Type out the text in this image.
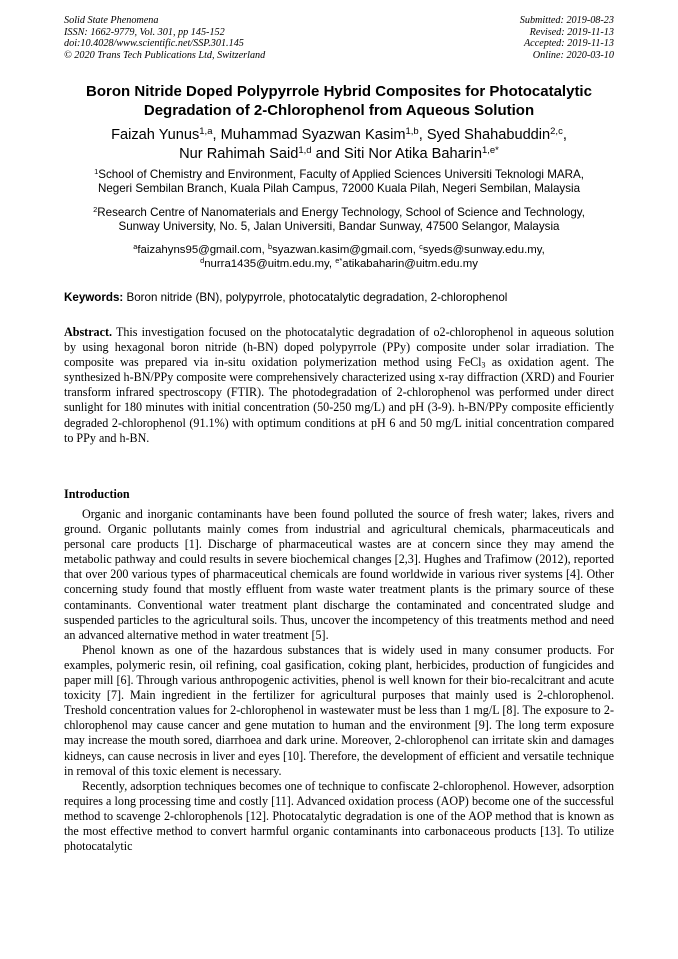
Solid State Phenomena
ISSN: 1662-9779, Vol. 301, pp 145-152
doi:10.4028/www.scientific.net/SSP.301.145
© 2020 Trans Tech Publications Ltd, Switzerland
Submitted: 2019-08-23
Revised: 2019-11-13
Accepted: 2019-11-13
Online: 2020-03-10
Boron Nitride Doped Polypyrrole Hybrid Composites for Photocatalytic
Degradation of 2-Chlorophenol from Aqueous Solution
Faizah Yunus$^{1,a}$, Muhammad Syazwan Kasim$^{1,b}$, Syed Shahabuddin$^{2,c}$,
Nur Rahimah Said$^{1,d}$ and Siti Nor Atika Baharin$^{1,e*}$
$^1$School of Chemistry and Environment, Faculty of Applied Sciences Universiti Teknologi MARA,
Negeri Sembilan Branch, Kuala Pilah Campus, 72000 Kuala Pilah, Negeri Sembilan, Malaysia
$^2$Research Centre of Nanomaterials and Energy Technology, School of Science and Technology,
Sunway University, No. 5, Jalan Universiti, Bandar Sunway, 47500 Selangor, Malaysia
$^a$faizahyns95@gmail.com, $^b$syazwan.kasim@gmail.com, $^c$syeds@sunway.edu.my,
$^d$nurra1435@uitm.edu.my, $^{e*}$atikabaharin@uitm.edu.my
Keywords: Boron nitride (BN), polypyrrole, photocatalytic degradation, 2-chlorophenol
Abstract. This investigation focused on the photocatalytic degradation of o2-chlorophenol in aqueous solution by using hexagonal boron nitride (h-BN) doped polypyrrole (PPy) composite under solar irradiation. The composite was prepared via in-situ oxidation polymerization method using FeCl$_3$ as oxidation agent. The synthesized h-BN/PPy composite were comprehensively characterized using x-ray diffraction (XRD) and Fourier transform infrared spectroscopy (FTIR). The photodegradation of 2-chlorophenol was performed under direct sunlight for 180 minutes with initial concentration (50-250 mg/L) and pH (3-9). h-BN/PPy composite efficiently degraded 2-chlorophenol (91.1%) with optimum conditions at pH 6 and 50 mg/L initial concentration compared to PPy and h-BN.
Introduction

Organic and inorganic contaminants have been found polluted the source of fresh water; lakes, rivers and ground. Organic pollutants mainly comes from industrial and agricultural chemicals, pharmaceuticals and personal care products [1]. Discharge of pharmaceutical wastes are at concern since they may amend the metabolic pathway and could results in severe biochemical changes [2,3]. Hughes and Trafimow (2012), reported that over 200 various types of pharmaceutical chemicals are found worldwide in various river systems [4]. Other concerning study found that mostly effluent from waste water treatment plants is the primary source of these contaminants. Conventional water treatment plant discharge the contaminated and concentrated sludge and suspended particles to the agricultural soils. Thus, uncover the incompetency of this treatments method and need an advanced alternative method in water treatment [5].

Phenol known as one of the hazardous substances that is widely used in many consumer products. For examples, polymeric resin, oil refining, coal gasification, coking plant, herbicides, production of fungicides and paper mill [6]. Through various anthropogenic activities, phenol is well known for their bio-recalcitrant and acute toxicity [7]. Main ingredient in the fertilizer for agricultural purposes that mainly used is 2-chlorophenol. Treshold concentration values for 2-chlorophenol in wastewater must be less than 1 mg/L [8]. The exposure to 2-chlorophenol may cause cancer and gene mutation to human and the environment [9]. The long term exposure may increase the mouth sored, diarrhoea and dark urine. Moreover, 2-chlorophenol can irritate skin and damages kidneys, can cause necrosis in liver and eyes [10]. Therefore, the development of efficient and versatile technique in removal of this toxic element is necessary.

Recently, adsorption techniques becomes one of technique to confiscate 2-chlorophenol. However, adsorption requires a long processing time and costly [11]. Advanced oxidation process (AOP) become one of the successful method to scavenge 2-chlorophenols [12]. Photocatalytic degradation is one of the AOP method that is known as the most effective method to convert harmful organic contaminants into carbonaceous products [13]. To utilize photocatalytic
